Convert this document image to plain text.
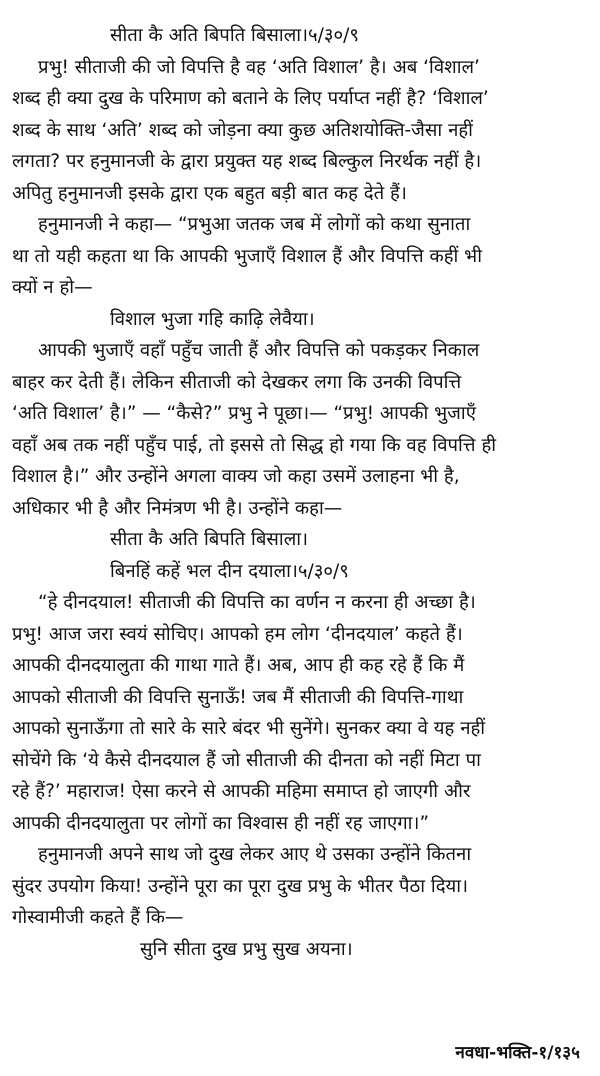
सीता कै अति बिपति बिसाला।५/३०/९
प्रभु! सीताजी की जो विपत्ति है वह ‘अति विशाल’ है। अब ‘विशाल’
शब्द ही क्या दुख के परिमाण को बताने के लिए पर्याप्त नहीं है? ‘विशाल’
शब्द के साथ ‘अति’ शब्द को जोड़ना क्या कुछ अतिशयोक्ति-जैसा नहीं
लगता? पर हनुमानजी के द्वारा प्रयुक्त यह शब्द बिल्कुल निरर्थक नहीं है।
अपितु हनुमानजी इसके द्वारा एक बहुत बड़ी बात कह देते हैं।
हनुमानजी ने कहा— “प्रभुआ जतक जब में लोगों को कथा सुनाता
था तो यही कहता था कि आपकी भुजाएँ विशाल हैं और विपत्ति कहीं भी
क्यों न हो—
विशाल भुजा गहि काढ़ि लेवैया।
आपकी भुजाएँ वहाँ पहुँच जाती हैं और विपत्ति को पकड़कर निकाल
बाहर कर देती हैं। लेकिन सीताजी को देखकर लगा कि उनकी विपत्ति
‘अति विशाल’ है।” — “कैसे?” प्रभु ने पूछा।— “प्रभु! आपकी भुजाएँ
वहाँ अब तक नहीं पहुँच पाई, तो इससे तो सिद्ध हो गया कि वह विपत्ति ही
विशाल है।” और उन्होंने अगला वाक्य जो कहा उसमें उलाहना भी है,
अधिकार भी है और निमंत्रण भी है। उन्होंने कहा—
सीता कै अति बिपति बिसाला।
बिनहिं कहें भल दीन दयाला।५/३०/९
“हे दीनदयाल! सीताजी की विपत्ति का वर्णन न करना ही अच्छा है।
प्रभु! आज जरा स्वयं सोचिए। आपको हम लोग ‘दीनदयाल’ कहते हैं।
आपकी दीनदयालुता की गाथा गाते हैं। अब, आप ही कह रहे हैं कि मैं
आपको सीताजी की विपत्ति सुनाऊँ! जब मैं सीताजी की विपत्ति-गाथा
आपको सुनाऊँगा तो सारे के सारे बंदर भी सुनेंगे। सुनकर क्या वे यह नहीं
सोचेंगे कि ‘ये कैसे दीनदयाल हैं जो सीताजी की दीनता को नहीं मिटा पा
रहे हैं?’ महाराज! ऐसा करने से आपकी महिमा समाप्त हो जाएगी और
आपकी दीनदयालुता पर लोगों का विश्वास ही नहीं रह जाएगा।”
हनुमानजी अपने साथ जो दुख लेकर आए थे उसका उन्होंने कितना
सुंदर उपयोग किया! उन्होंने पूरा का पूरा दुख प्रभु के भीतर पैठा दिया।
गोस्वामीजी कहते हैं कि—
सुनि सीता दुख प्रभु सुख अयना।
नवधा-भक्ति-१/१३५
